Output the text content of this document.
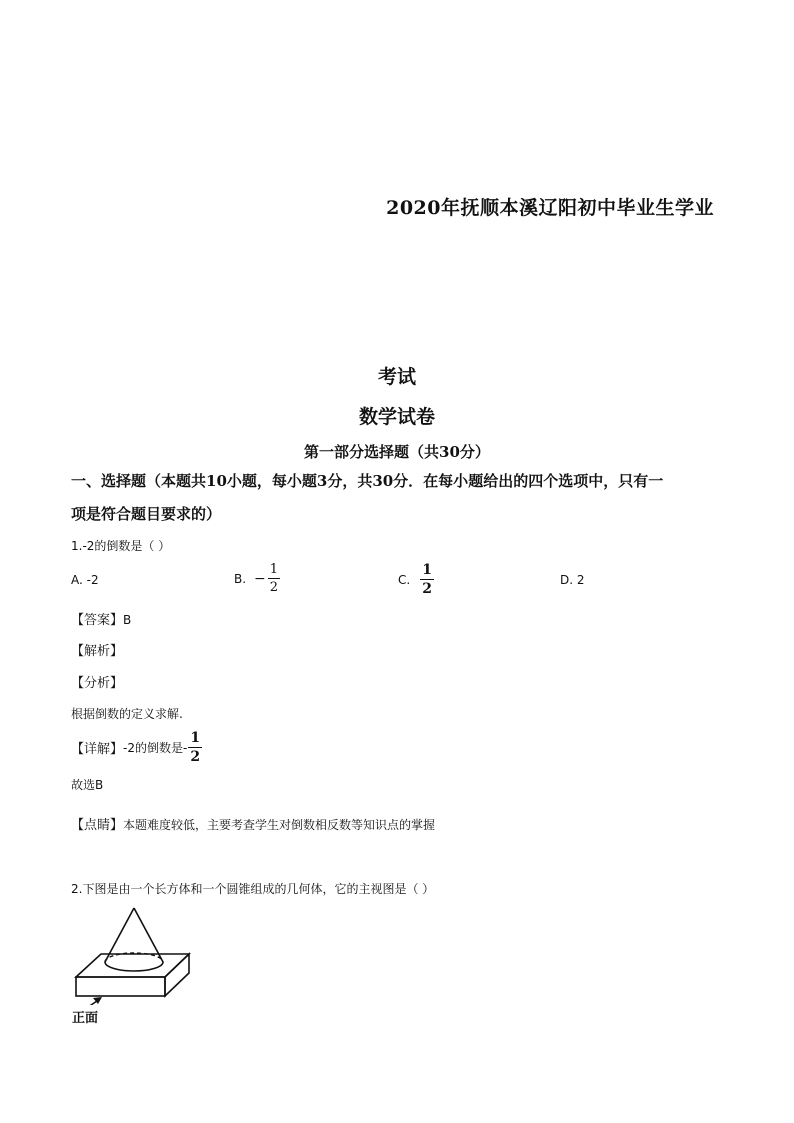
2020年抚顺本溪辽阳初中毕业生学业
考试
数学试卷
第一部分选择题（共30分）
一、选择题（本题共10小题，每小题3分，共30分．在每小题给出的四个选项中，只有一
项是符合题目要求的）
1.-2的倒数是（ ）
A. -2	B. − $\frac{1}{2}$	C. $\frac{1}{2}$	D. 2
【答案】B
【解析】
【分析】
根据倒数的定义求解.
【详解】 -2的倒数是- $\frac{1}{2}$
故选B
【点睛】本题难度较低，主要考查学生对倒数相反数等知识点的掌握
2.下图是由一个长方体和一个圆锥组成的几何体，它的主视图是（ ）
正面
